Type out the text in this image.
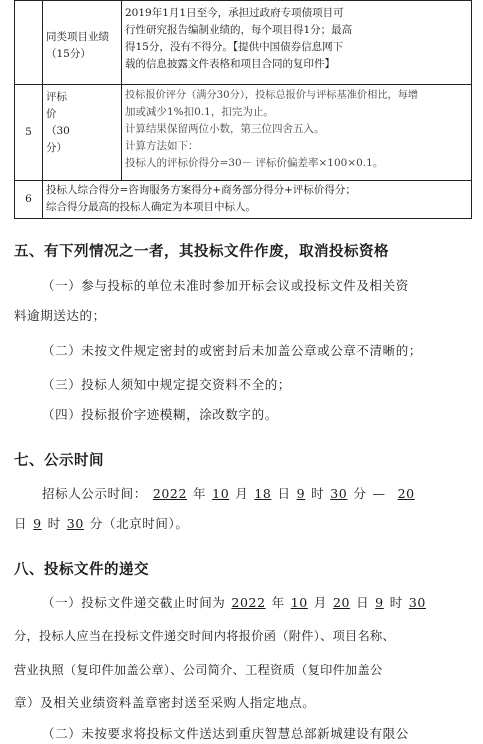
	同类项目业绩（15分）	2019年1月1日至今，承担过政府专项债项目可
行性研究报告编制业绩的，每个项目得1分；最高
得15分，没有不得分。【提供中国债券信息网下
载的信息披露文件表格和项目合同的复印件】

5	评标
价
（30
分）	投标报价评分（满分30分），投标总报价与评标基准价相比，每增
加或减少1%扣0.1，扣完为止。
计算结果保留两位小数，第三位四舍五入。
计算方法如下：
投标人的评标价得分=30－ 评标价偏差率×100×0.1。

6	投标人综合得分=咨询服务方案得分+商务部分得分+评标价得分；
综合得分最高的投标人确定为本项目中标人。	
五、有下列情况之一者，其投标文件作废，取消投标资格
（一）参与投标的单位未准时参加开标会议或投标文件及相关资
料逾期送达的；
（二）未按文件规定密封的或密封后未加盖公章或公章不清晰的；
（三）投标人须知中规定提交资料不全的；
（四）投标报价字迹模糊，涂改数字的。
七、公示时间
招标人公示时间： 2022 年 10 月 18 日 9 时 30 分 — 20
日 9 时 30 分（北京时间）。
八、投标文件的递交
（一）投标文件递交截止时间为 2022 年 10 月 20 日 9 时 30
分，投标人应当在投标文件递交时间内将报价函（附件）、项目名称、
营业执照（复印件加盖公章）、公司简介、工程资质（复印件加盖公
章）及相关业绩资料盖章密封送至采购人指定地点。
（二）未按要求将投标文件送达到重庆智慧总部新城建设有限公
